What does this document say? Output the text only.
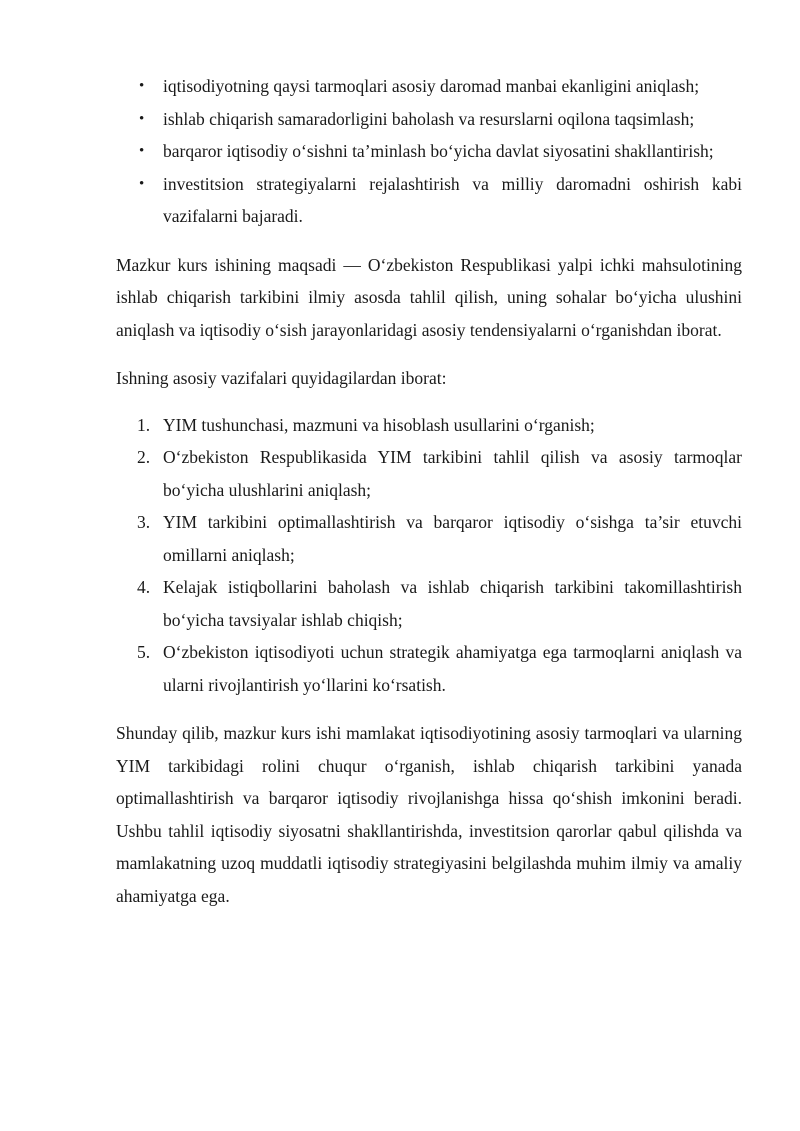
• iqtisodiyotning qaysi tarmoqlari asosiy daromad manbai ekanligini aniqlash;
• ishlab chiqarish samaradorligini baholash va resurslarni oqilona taqsimlash;
• barqaror iqtisodiy o‘sishni ta’minlash bo‘yicha davlat siyosatini shakllantirish;
• investitsion strategiyalarni rejalashtirish va milliy daromadni oshirish kabi vazifalarni bajaradi.

Mazkur kurs ishining maqsadi — O‘zbekiston Respublikasi yalpi ichki mahsulotining ishlab chiqarish tarkibini ilmiy asosda tahlil qilish, uning sohalar bo‘yicha ulushini aniqlash va iqtisodiy o‘sish jarayonlaridagi asosiy tendensiyalarni o‘rganishdan iborat.

Ishning asosiy vazifalari quyidagilardan iborat:

1. YIM tushunchasi, mazmuni va hisoblash usullarini o‘rganish;
2. O‘zbekiston Respublikasida YIM tarkibini tahlil qilish va asosiy tarmoqlar bo‘yicha ulushlarini aniqlash;
3. YIM tarkibini optimallashtirish va barqaror iqtisodiy o‘sishga ta’sir etuvchi omillarni aniqlash;
4. Kelajak istiqbollarini baholash va ishlab chiqarish tarkibini takomillashtirish bo‘yicha tavsiyalar ishlab chiqish;
5. O‘zbekiston iqtisodiyoti uchun strategik ahamiyatga ega tarmoqlarni aniqlash va ularni rivojlantirish yo‘llarini ko‘rsatish.

Shunday qilib, mazkur kurs ishi mamlakat iqtisodiyotining asosiy tarmoqlari va ularning YIM tarkibidagi rolini chuqur o‘rganish, ishlab chiqarish tarkibini yanada optimallashtirish va barqaror iqtisodiy rivojlanishga hissa qo‘shish imkonini beradi. Ushbu tahlil iqtisodiy siyosatni shakllantirishda, investitsion qarorlar qabul qilishda va mamlakatning uzoq muddatli iqtisodiy strategiyasini belgilashda muhim ilmiy va amaliy ahamiyatga ega.
